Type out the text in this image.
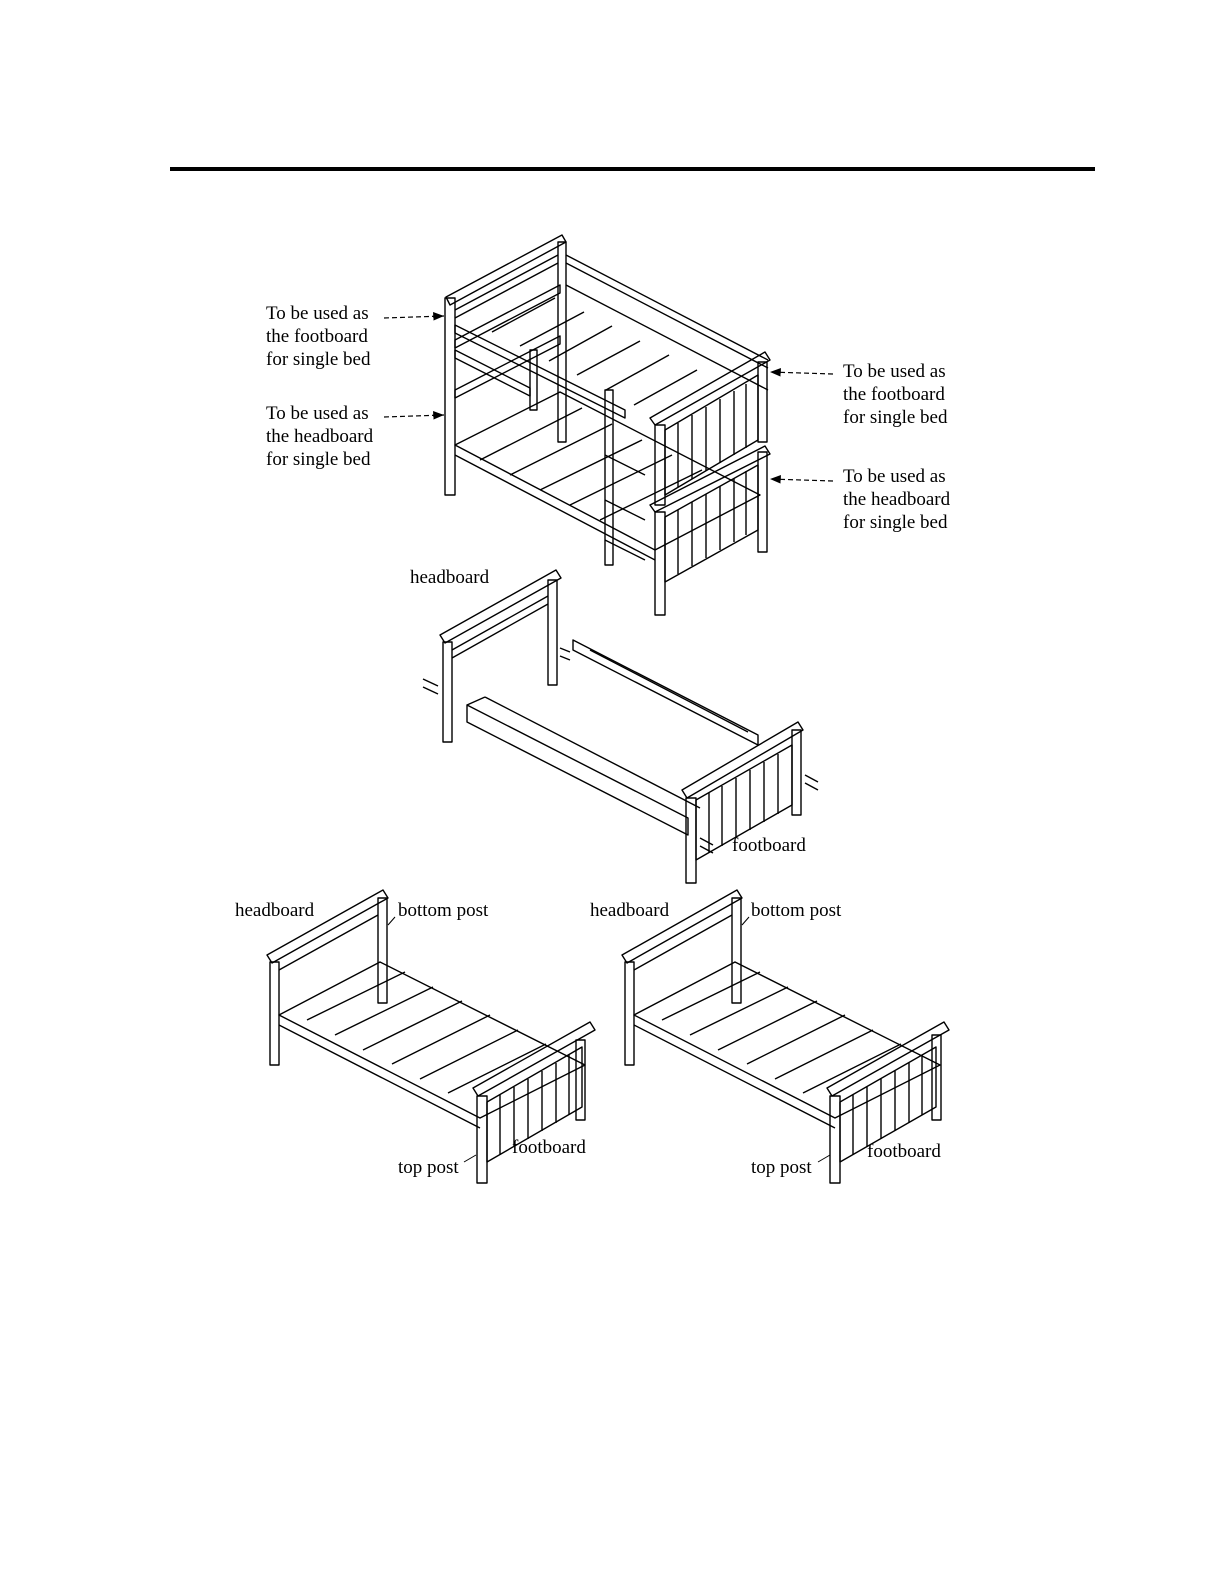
To be used as
the footboard
for single bed
To be used as
the headboard
for single bed
To be used as
the footboard
for single bed
To be used as
the headboard
for single bed
headboard
footboard
headboard	bottom post
top post
footboard
headboard	bottom post
top post
footboard
